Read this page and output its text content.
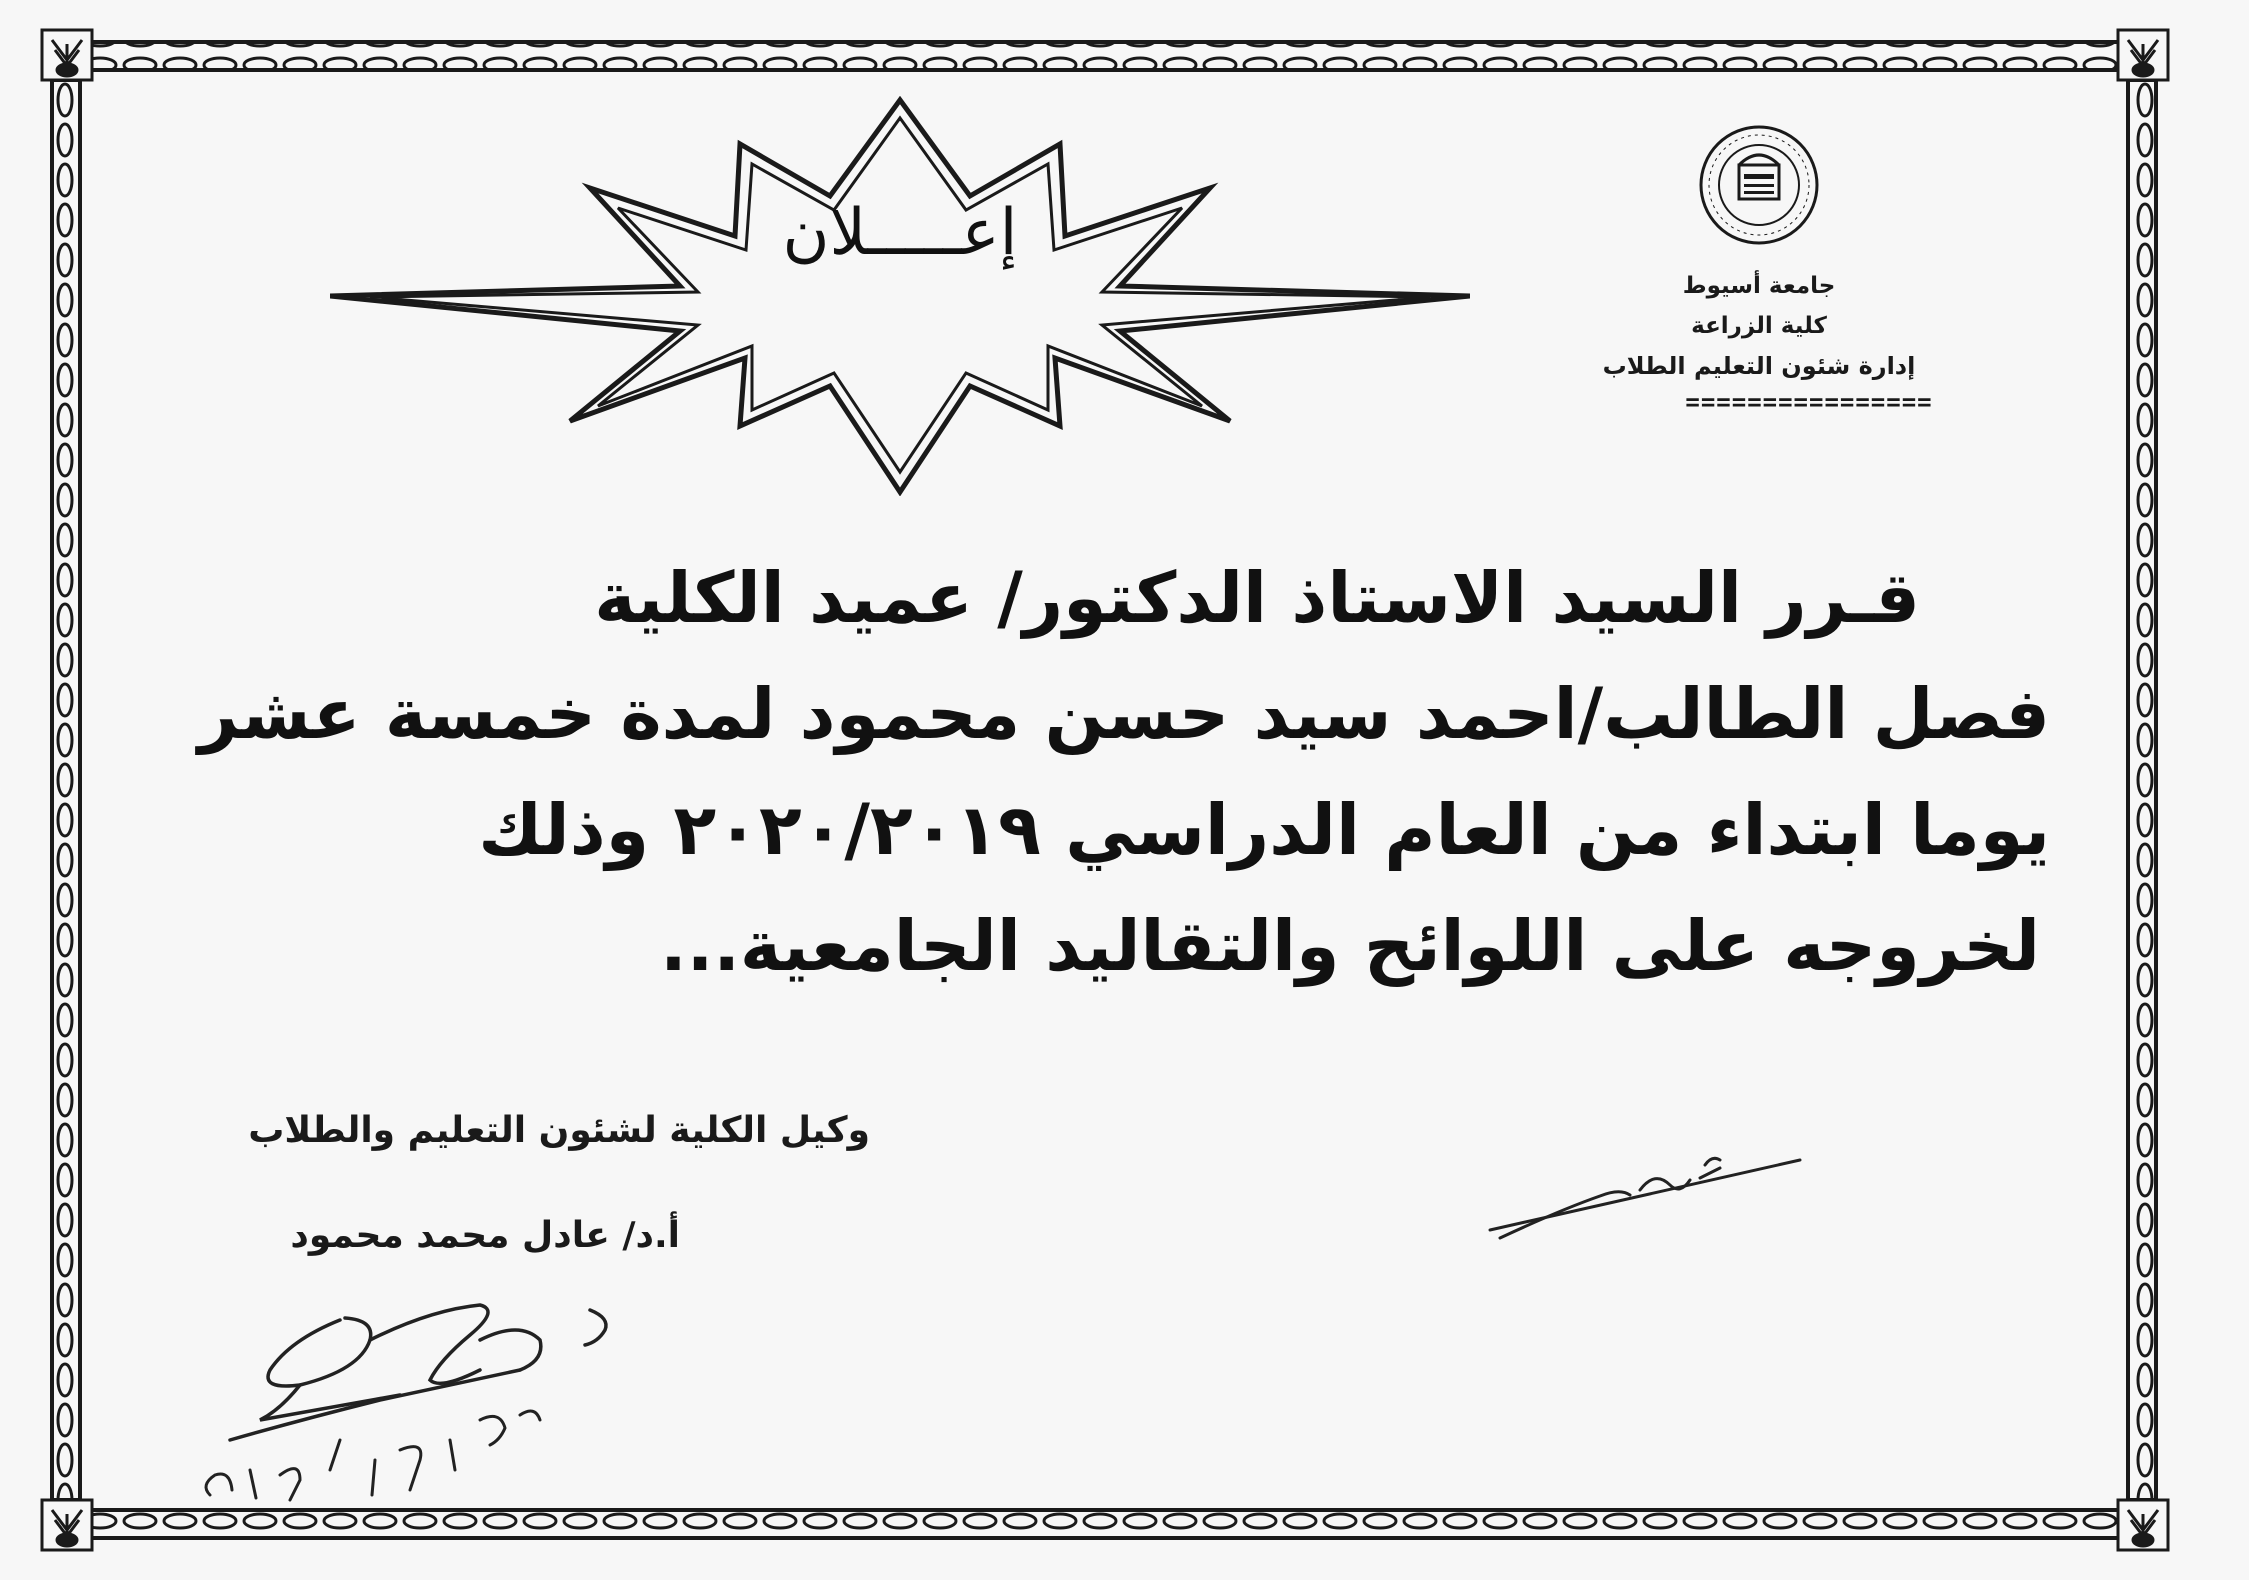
إعـــــلان
جامعة أسيوط
كلية الزراعة
إدارة شئون التعليم الطلاب
================
قـرر السيد الاستاذ الدكتور/ عميد الكلية
فصل الطالب/احمد سيد حسن محمود لمدة خمسة عشر
يوما ابتداء من العام الدراسي ٢٠٢٠/٢٠١٩ وذلك
لخروجه على اللوائح والتقاليد الجامعية...
وكيل الكلية لشئون التعليم والطلاب
أ.د/ عادل محمد محمود
